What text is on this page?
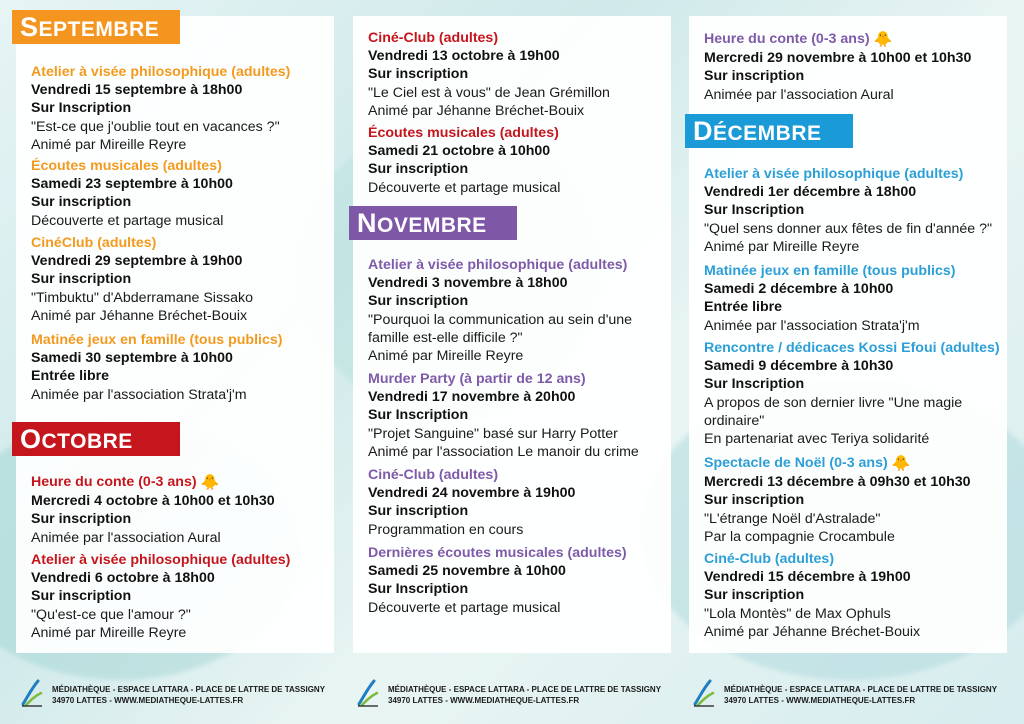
SEPTEMBRE
Atelier à visée philosophique (adultes)
Vendredi 15 septembre à 18h00
Sur Inscription
"Est-ce que j'oublie tout en vacances ?"
Animé par Mireille Reyre
Écoutes musicales (adultes)
Samedi 23 septembre à 10h00
Sur inscription
Découverte et partage musical
CinéClub (adultes)
Vendredi 29 septembre à 19h00
Sur inscription
"Timbuktu" d'Abderramane Sissako
Animé par Jéhanne Bréchet-Bouix
Matinée jeux en famille (tous publics)
Samedi 30 septembre à 10h00
Entrée libre
Animée par l'association Strata'j'm
OCTOBRE
Heure du conte (0-3 ans) 🐥
Mercredi 4 octobre à 10h00 et 10h30
Sur inscription
Animée par l'association Aural
Atelier à visée philosophique (adultes)
Vendredi 6 octobre à 18h00
Sur inscription
"Qu'est-ce que l'amour ?"
Animé par Mireille Reyre
Ciné-Club (adultes)
Vendredi 13 octobre à 19h00
Sur inscription
"Le Ciel est à vous" de Jean Grémillon
Animé par Jéhanne Bréchet-Bouix
Écoutes musicales (adultes)
Samedi 21 octobre à 10h00
Sur inscription
Découverte et partage musical
NOVEMBRE
Atelier à visée philosophique (adultes)
Vendredi 3 novembre à 18h00
Sur inscription
"Pourquoi la communication au sein d'une
famille est-elle difficile ?"
Animé par Mireille Reyre
Murder Party (à partir de 12 ans)
Vendredi 17 novembre à 20h00
Sur Inscription
"Projet Sanguine" basé sur Harry Potter
Animé par l'association Le manoir du crime
Ciné-Club (adultes)
Vendredi 24 novembre à 19h00
Sur inscription
Programmation en cours
Dernières écoutes musicales (adultes)
Samedi 25 novembre à 10h00
Sur Inscription
Découverte et partage musical
Heure du conte (0-3 ans) 🐥
Mercredi 29 novembre à 10h00 et 10h30
Sur inscription
Animée par l'association Aural
DÉCEMBRE
Atelier à visée philosophique (adultes)
Vendredi 1er décembre à 18h00
Sur Inscription
"Quel sens donner aux fêtes de fin d'année ?"
Animé par Mireille Reyre
Matinée jeux en famille (tous publics)
Samedi 2 décembre à 10h00
Entrée libre
Animée par l'association Strata'j'm
Rencontre / dédicaces Kossi Efoui (adultes)
Samedi 9 décembre à 10h30
Sur Inscription
A propos de son dernier livre "Une magie
ordinaire"
En partenariat avec Teriya solidarité
Spectacle de Noël (0-3 ans) 🐥
Mercredi 13 décembre à 09h30 et 10h30
Sur inscription
"L'étrange Noël d'Astralade"
Par la compagnie Crocambule
Ciné-Club (adultes)
Vendredi 15 décembre à 19h00
Sur inscription
"Lola Montès" de Max Ophuls
Animé par Jéhanne Bréchet-Bouix
MÉDIATHÈQUE - ESPACE LATTARA - PLACE DE LATTRE DE TASSIGNY
34970 LATTES - WWW.MEDIATHEQUE-LATTES.FR
MÉDIATHÈQUE - ESPACE LATTARA - PLACE DE LATTRE DE TASSIGNY
34970 LATTES - WWW.MEDIATHEQUE-LATTES.FR
MÉDIATHÈQUE - ESPACE LATTARA - PLACE DE LATTRE DE TASSIGNY
34970 LATTES - WWW.MEDIATHEQUE-LATTES.FR
